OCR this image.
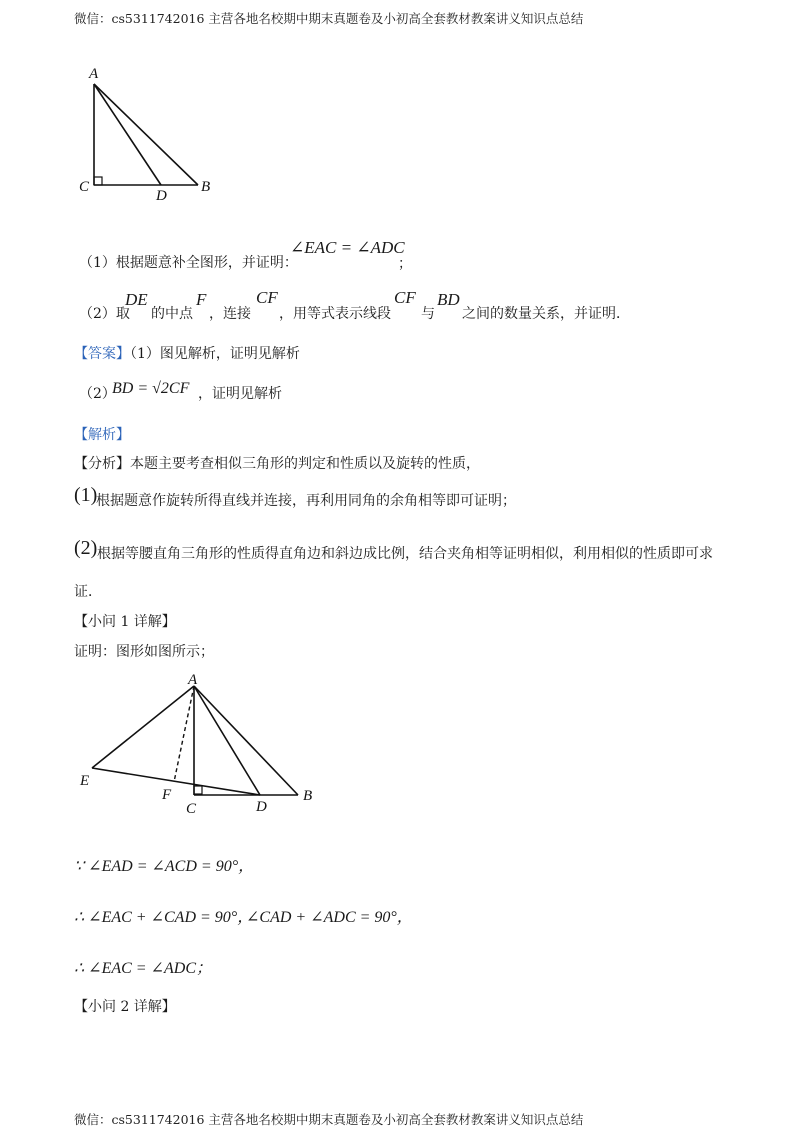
微信：cs5311742016 主营各地名校期中期末真题卷及小初高全套教材教案讲义知识点总结
A
C
D
B
（1）根据题意补全图形，并证明：
∠EAC = ∠ADC
；
（2）取
DE
的中点
F
，连接
CF
，用等式表示线段
CF
与
BD
之间的数量关系，并证明．
【答案】（1）图见解析，证明见解析
（2）
BD = √2CF ，证明见解析
【解析】
【分析】本题主要考查相似三角形的判定和性质以及旋转的性质，
(1)
根据题意作旋转所得直线并连接，再利用同角的余角相等即可证明；
(2) 根据等腰直角三角形的性质得直角边和斜边成比例，结合夹角相等证明相似，利用相似的性质即可求
证．
【小问 1 详解】
证明：图形如图所示；
A
E
F
C	D
B
∵ ∠EAD = ∠ACD = 90°，
∴ ∠EAC + ∠CAD = 90°，
∠CAD + ∠ADC = 90°，
∴ ∠EAC = ∠ADC；
【小问 2 详解】
微信：cs5311742016 主营各地名校期中期末真题卷及小初高全套教材教案讲义知识点总结
